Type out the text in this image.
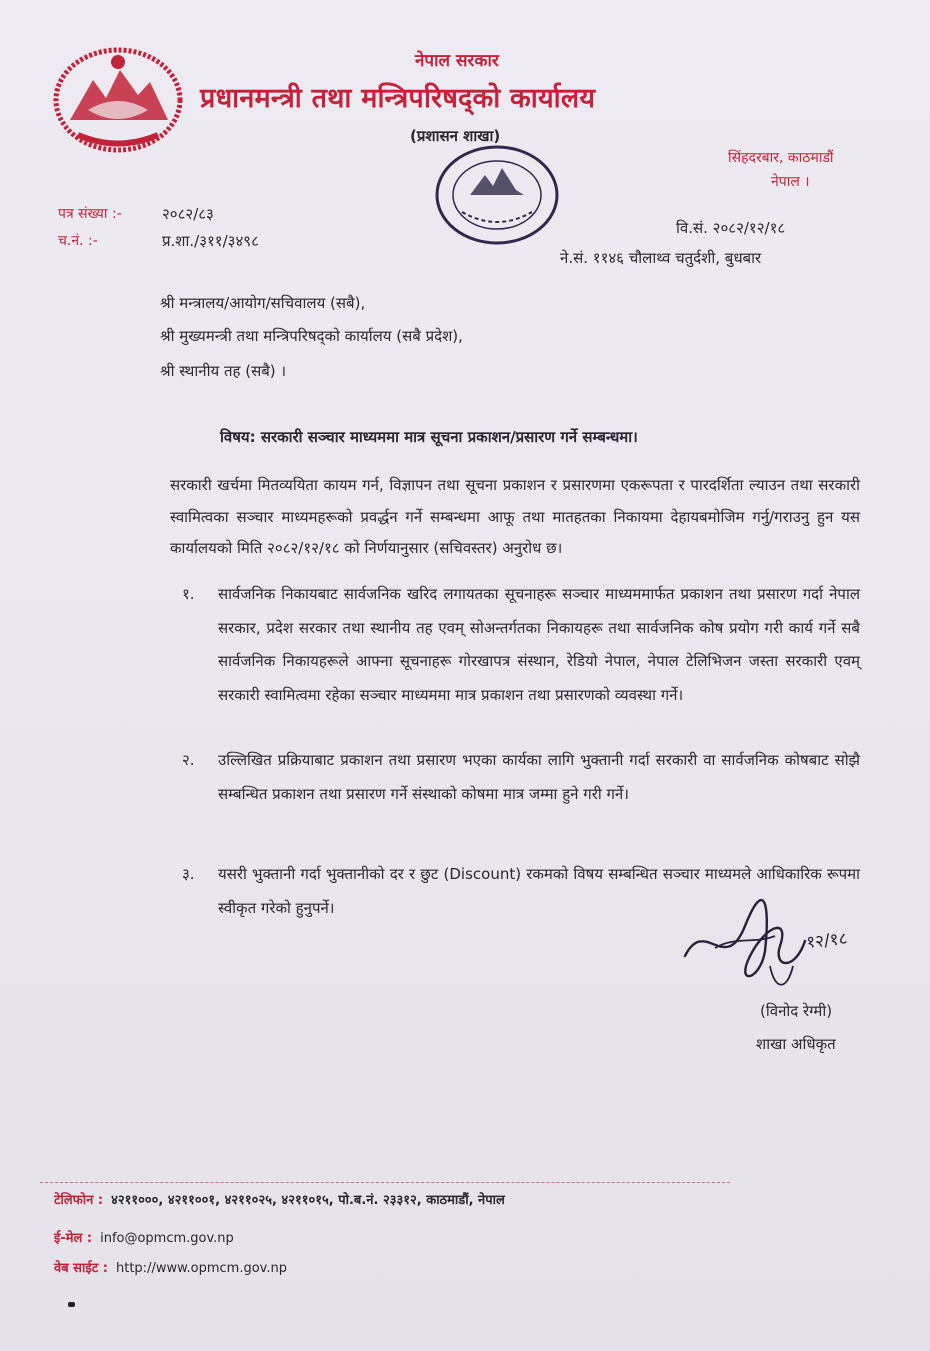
नेपाल सरकार
प्रधानमन्त्री तथा मन्त्रिपरिषद्को कार्यालय
(प्रशासन शाखा)
सिंहदरबार, काठमाडौं
नेपाल ।
पत्र संख्या :-	२०८२/८३
च.नं. :-	प्र.शा./३११/३४९८
वि.सं. २०८२/१२/१८
ने.सं. ११४६ चौलाथ्व चतुर्दशी, बुधबार
श्री मन्त्रालय/आयोग/सचिवालय (सबै),
श्री मुख्यमन्त्री तथा मन्त्रिपरिषद्को कार्यालय (सबै प्रदेश),
श्री स्थानीय तह (सबै) ।
विषय: सरकारी सञ्चार माध्यममा मात्र सूचना प्रकाशन/प्रसारण गर्ने सम्बन्धमा।
सरकारी खर्चमा मितव्ययिता कायम गर्न, विज्ञापन तथा सूचना प्रकाशन र प्रसारणमा एकरूपता र पारदर्शिता ल्याउन तथा सरकारी स्वामित्वका सञ्चार माध्यमहरूको प्रवर्द्धन गर्ने सम्बन्धमा आफू तथा मातहतका निकायमा देहायबमोजिम गर्नु/गराउनु हुन यस कार्यालयको मिति २०८२/१२/१८ को निर्णयानुसार (सचिवस्तर) अनुरोध छ।
१. सार्वजनिक निकायबाट सार्वजनिक खरिद लगायतका सूचनाहरू सञ्चार माध्यममार्फत प्रकाशन तथा प्रसारण गर्दा नेपाल सरकार, प्रदेश सरकार तथा स्थानीय तह एवम् सोअन्तर्गतका निकायहरू तथा सार्वजनिक कोष प्रयोग गरी कार्य गर्ने सबै सार्वजनिक निकायहरूले आफ्ना सूचनाहरू गोरखापत्र संस्थान, रेडियो नेपाल, नेपाल टेलिभिजन जस्ता सरकारी एवम् सरकारी स्वामित्वमा रहेका सञ्चार माध्यममा मात्र प्रकाशन तथा प्रसारणको व्यवस्था गर्ने।
२. उल्लिखित प्रक्रियाबाट प्रकाशन तथा प्रसारण भएका कार्यका लागि भुक्तानी गर्दा सरकारी वा सार्वजनिक कोषबाट सोझै सम्बन्धित प्रकाशन तथा प्रसारण गर्ने संस्थाको कोषमा मात्र जम्मा हुने गरी गर्ने।
३. यसरी भुक्तानी गर्दा भुक्तानीको दर र छुट (Discount) रकमको विषय सम्बन्धित सञ्चार माध्यमले आधिकारिक रूपमा स्वीकृत गरेको हुनुपर्ने।
१२/१८
(विनोद रेग्मी)
शाखा अधिकृत
टेलिफोन : ४२११०००, ४२११००१, ४२११०२५, ४२११०१५, पो.ब.नं. २३३१२, काठमाडौं, नेपाल
ई-मेल : info@opmcm.gov.np
वेब साईट : http://www.opmcm.gov.np
